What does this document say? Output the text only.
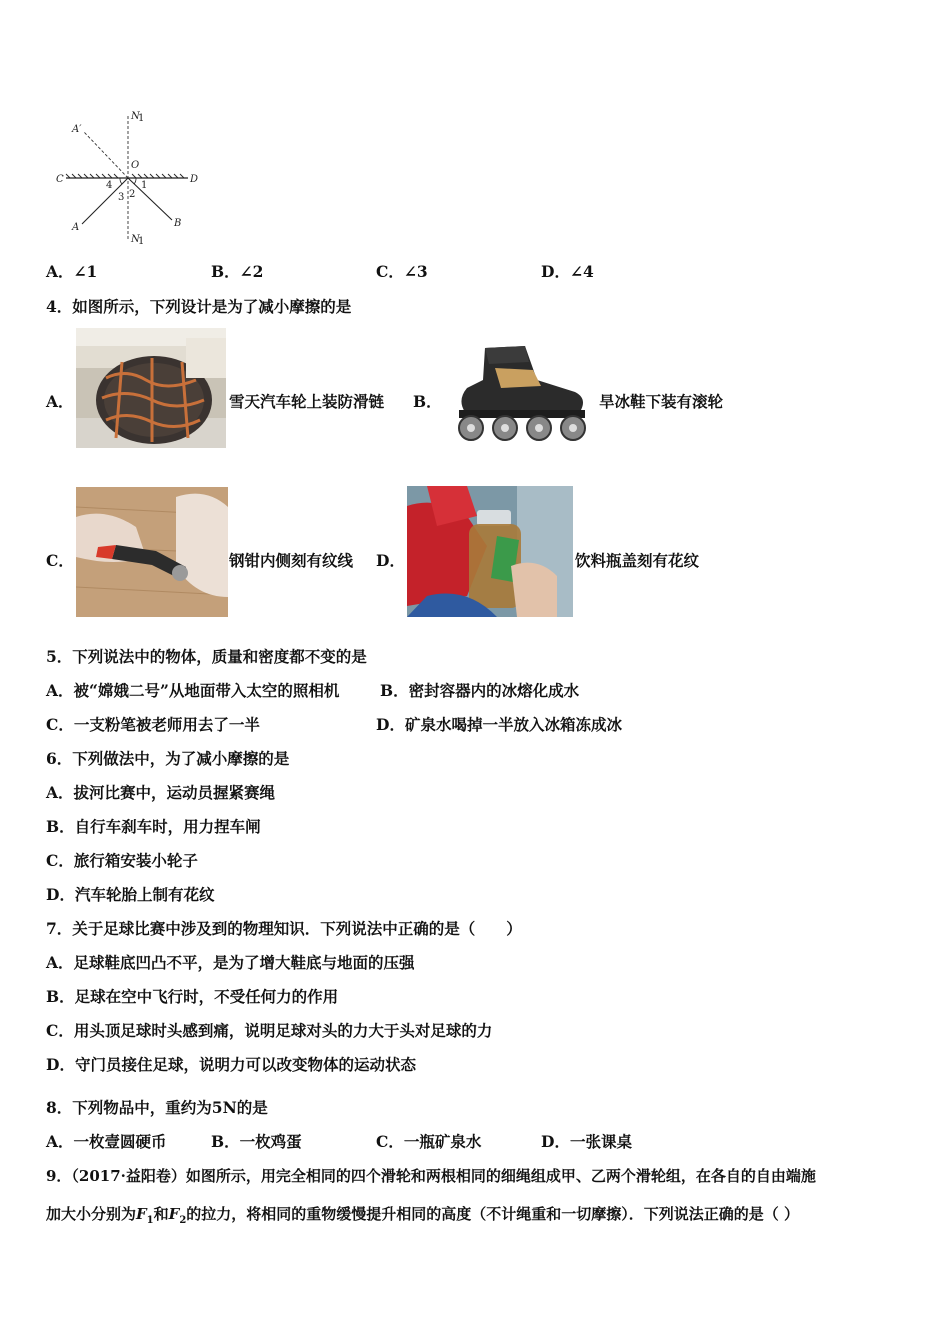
A′
N
1
O
C	D
4	1
2
3
A	B
N
1
A．∠1	B．∠2	C．∠3	D．∠4
4．如图所示，下列设计是为了减小摩擦的是
A．	雪天汽车轮上装防滑链 B．	旱冰鞋下装有滚轮
C．	钢钳内侧刻有纹线 D．	饮料瓶盖刻有花纹
5．下列说法中的物体，质量和密度都不变的是
A．被“嫦娥二号”从地面带入太空的照相机	B．密封容器内的冰熔化成水
C．一支粉笔被老师用去了一半	D．矿泉水喝掉一半放入冰箱冻成冰
6．下列做法中，为了减小摩擦的是
A．拔河比赛中，运动员握紧赛绳
B．自行车刹车时，用力捏车闸
C．旅行箱安装小轮子
D．汽车轮胎上制有花纹
7．关于足球比赛中涉及到的物理知识．下列说法中正确的是（　　）
A．足球鞋底凹凸不平，是为了增大鞋底与地面的压强
B．足球在空中飞行时，不受任何力的作用
C．用头顶足球时头感到痛，说明足球对头的力大于头对足球的力
D．守门员接住足球，说明力可以改变物体的运动状态
8．下列物品中，重约为5N的是
A．一枚壹圆硬币	B．一枚鸡蛋	C．一瓶矿泉水	D．一张课桌
9．（2017·益阳卷）如图所示，用完全相同的四个滑轮和两根相同的细绳组成甲、乙两个滑轮组，在各自的自由端施
加大小分别为$F_1$和$F_2$的拉力，将相同的重物缓慢提升相同的高度（不计绳重和一切摩擦）．下列说法正确的是（ ）
